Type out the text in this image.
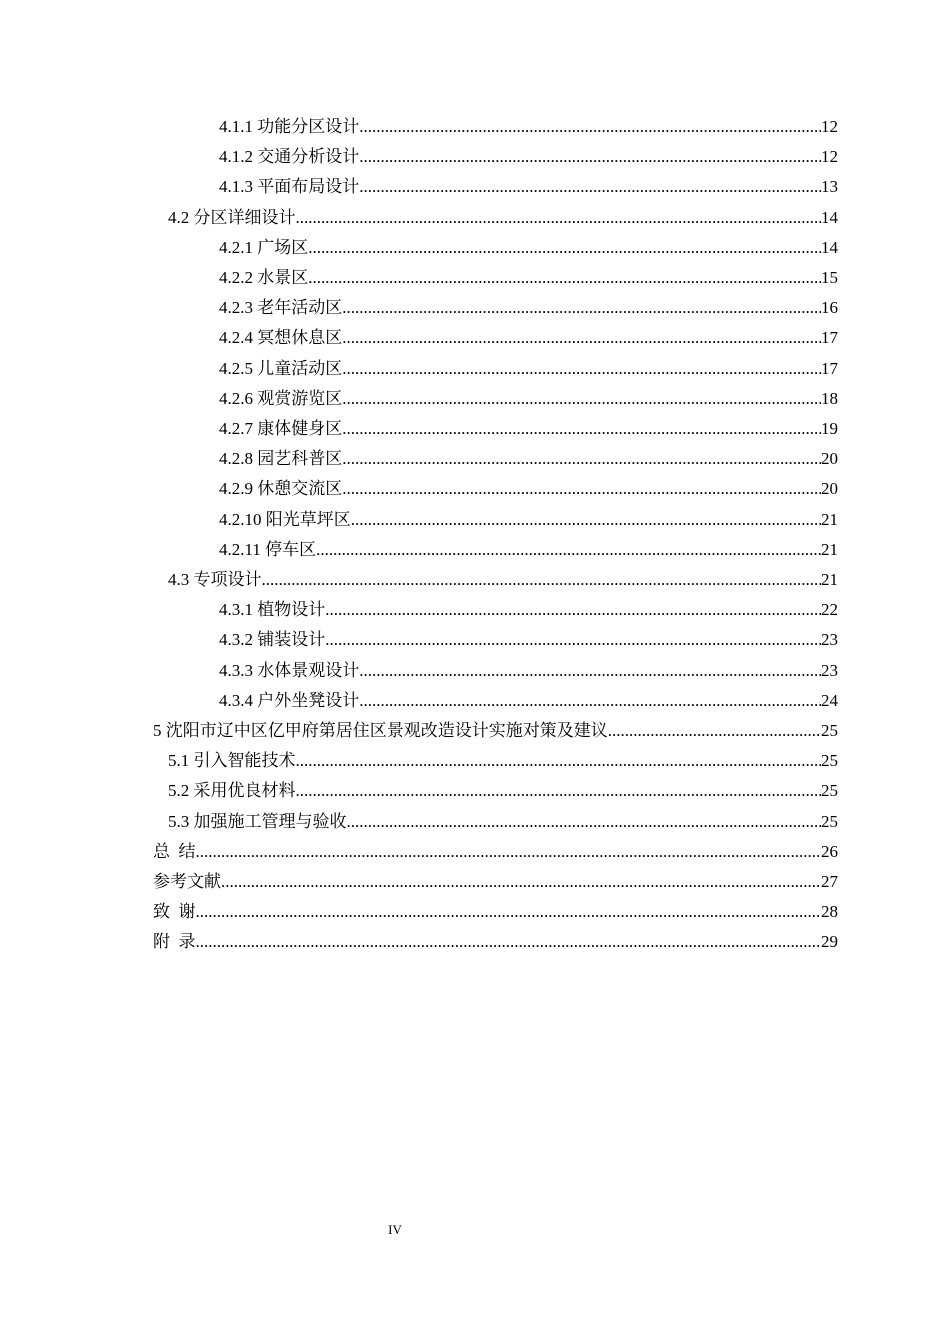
4.1.1 功能分区设计 .....	12
4.1.2 交通分析设计 .....	12
4.1.3 平面布局设计 .....	13
4.2 分区详细设计 .....	14
4.2.1 广场区 .....	14
4.2.2 水景区 .....	15
4.2.3 老年活动区 .....	16
4.2.4 冥想休息区 .....	17
4.2.5 儿童活动区 .....	17
4.2.6 观赏游览区 .....	18
4.2.7 康体健身区 .....	19
4.2.8 园艺科普区 .....	20
4.2.9 休憩交流区 .....	20
4.2.10 阳光草坪区 .....	21
4.2.11 停车区 .....	21
4.3 专项设计 .....	21
4.3.1 植物设计 .....	22
4.3.2 铺装设计 .....	23
4.3.3 水体景观设计 .....	23
4.3.4 户外坐凳设计 .....	24
5 沈阳市辽中区亿甲府第居住区景观改造设计实施对策及建议 .....	25
5.1 引入智能技术 .....	25
5.2 采用优良材料 .....	25
5.3 加强施工管理与验收 .....	25
总  结 .....	26
参考文献 .....	27
致  谢 .....	28
附  录 .....	29
IV
